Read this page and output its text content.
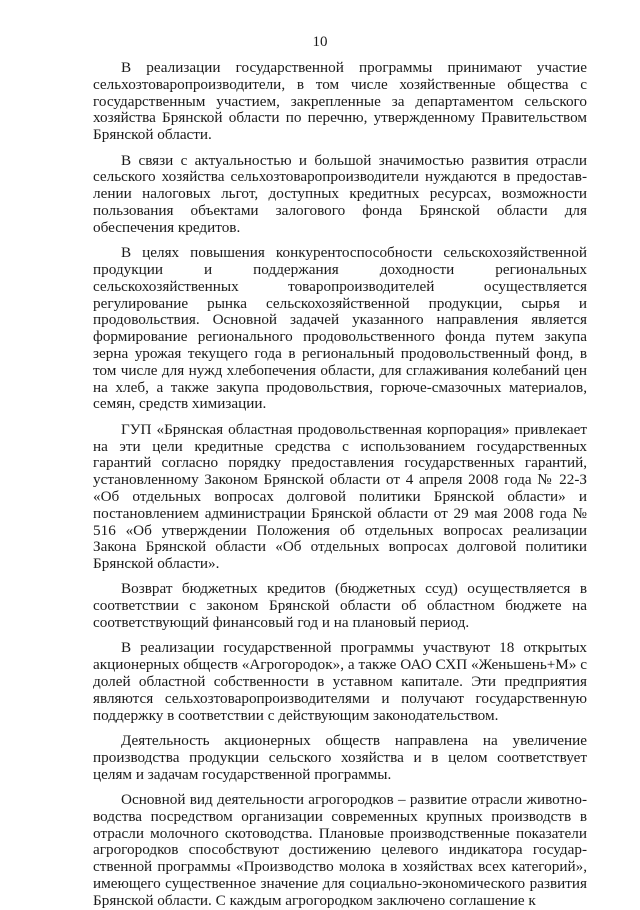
10

В реализации государственной программы принимают участие сельхозтоваропроизводители, в том числе хозяйственные общества с государственным участием, закрепленные за департаментом сельского хозяйства Брянской области по перечню, утвержденному Правительством Брянской области.

В связи с актуальностью и большой значимостью развития отрасли сельского хозяйства сельхозтоваропроизводители нуждаются в предоставлении налоговых льгот, доступных кредитных ресурсах, возможности пользования объектами залогового фонда Брянской области для обеспечения кредитов.

В целях повышения конкурентоспособности сельскохозяйственной продукции и поддержания доходности региональных сельскохозяйственных товаропроизводителей осуществляется регулирование рынка сельскохозяйственной продукции, сырья и продовольствия. Основной задачей указанного направления является формирование регионального продовольственного фонда путем закупа зерна урожая текущего года в региональный продовольственный фонд, в том числе для нужд хлебопечения области, для сглаживания колебаний цен на хлеб, а также закупа продовольствия, горюче-смазочных материалов, семян, средств химизации.

ГУП «Брянская областная продовольственная корпорация» привлекает на эти цели кредитные средства с использованием государственных гарантий согласно порядку предоставления государственных гарантий, установленному Законом Брянской области от 4 апреля 2008 года № 22-З «Об отдельных вопросах долговой политики Брянской области» и постановлением администрации Брянской области от 29 мая 2008 года № 516 «Об утверждении Положения об отдельных вопросах реализации Закона Брянской области «Об отдельных вопросах долговой политики Брянской области».

Возврат бюджетных кредитов (бюджетных ссуд) осуществляется в соответствии с законом Брянской области об областном бюджете на соответствующий финансовый год и на плановый период.

В реализации государственной программы участвуют 18 открытых акционерных обществ «Агрогородок», а также ОАО СХП «Женьшень+М» с долей областной собственности в уставном капитале. Эти предприятия являются сельхозтоваропроизводителями и получают государственную поддержку в соответствии с действующим законодательством.

Деятельность акционерных обществ направлена на увеличение производства продукции сельского хозяйства и в целом соответствует целям и задачам государственной программы.

Основной вид деятельности агрогородков – развитие отрасли животноводства посредством организации современных крупных производств в отрасли молочного скотоводства. Плановые производственные показатели агрогородков способствуют достижению целевого индикатора государственной программы «Производство молока в хозяйствах всех категорий», имеющего существенное значение для социально-экономического развития Брянской области. С каждым агрогородком заключено соглашение к
